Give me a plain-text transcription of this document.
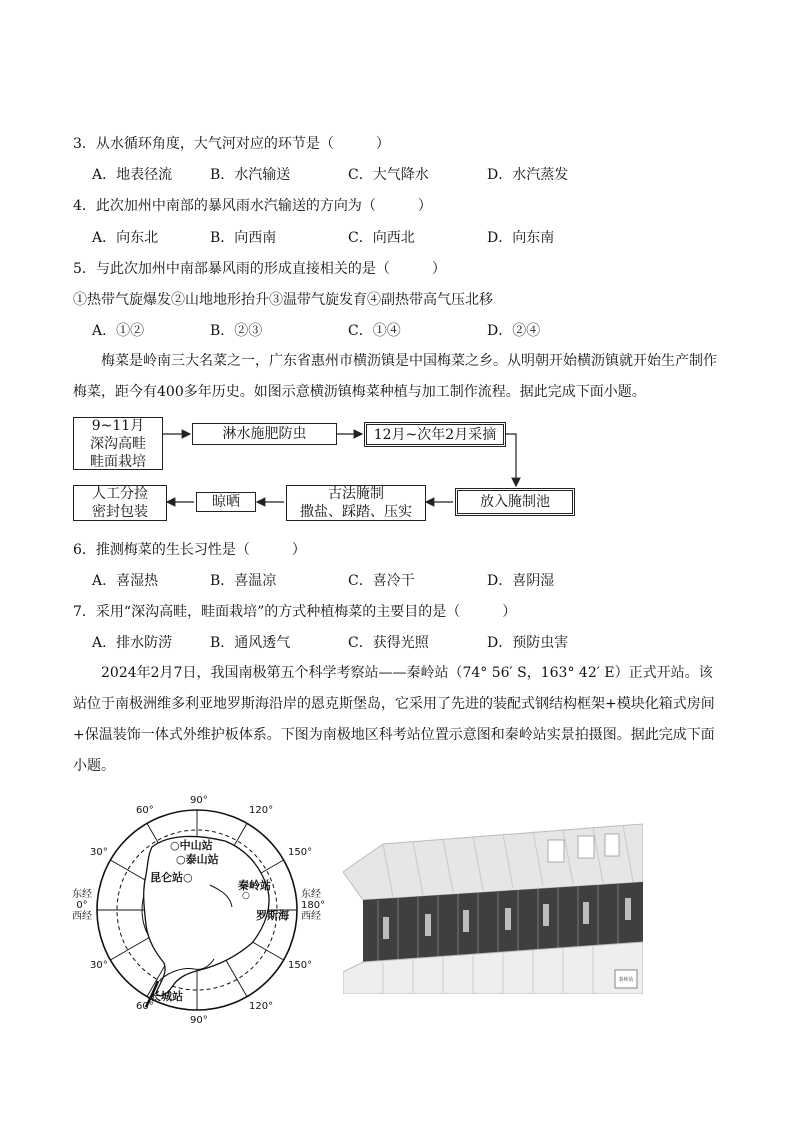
3．从水循环角度，大气河对应的环节是（　　　）
A．地表径流	B．水汽输送	C．大气降水	D．水汽蒸发
4．此次加州中南部的暴风雨水汽输送的方向为（　　　）
A．向东北	B．向西南	C．向西北	D．向东南
5．与此次加州中南部暴风雨的形成直接相关的是（　　　）
①热带气旋爆发②山地地形抬升③温带气旋发育④副热带高气压北移
A．①②	B．②③	C．①④	D．②④
　　梅菜是岭南三大名菜之一，广东省惠州市横沥镇是中国梅菜之乡。从明朝开始横沥镇就开始生产制作梅菜，距今有400多年历史。如图示意横沥镇梅菜种植与加工制作流程。据此完成下面小题。
9~11月
深沟高畦
畦面栽培
淋水施肥防虫	12月~次年2月采摘
放入腌制池
古法腌制
撒盐、踩踏、压实
晾晒
人工分捡
密封包装
6．推测梅菜的生长习性是（　　　）
A．喜湿热	B．喜温凉	C．喜冷干	D．喜阴湿
7．采用“深沟高畦，畦面栽培”的方式种植梅菜的主要目的是（　　　）
A．排水防涝	B．通风透气	C．获得光照	D．预防虫害
　　2024年2月7日，我国南极第五个科学考察站——秦岭站（74° 56′ S，163° 42′ E）正式开站。该站位于南极洲维多利亚地罗斯海沿岸的恩克斯堡岛，它采用了先进的装配式钢结构框架+模块化箱式房间+保温装饰一体式外维护板体系。下图为南极地区科考站位置示意图和秦岭站实景拍摄图。据此完成下面小题。
90°
60°	120°
30°	150°
东经
0°
西经
东经
180°
西经
30°	150°
60°	120°
90°
○中山站
○泰山站
昆仑站○
秦岭站
○
罗斯海
长城站
秦岭站
